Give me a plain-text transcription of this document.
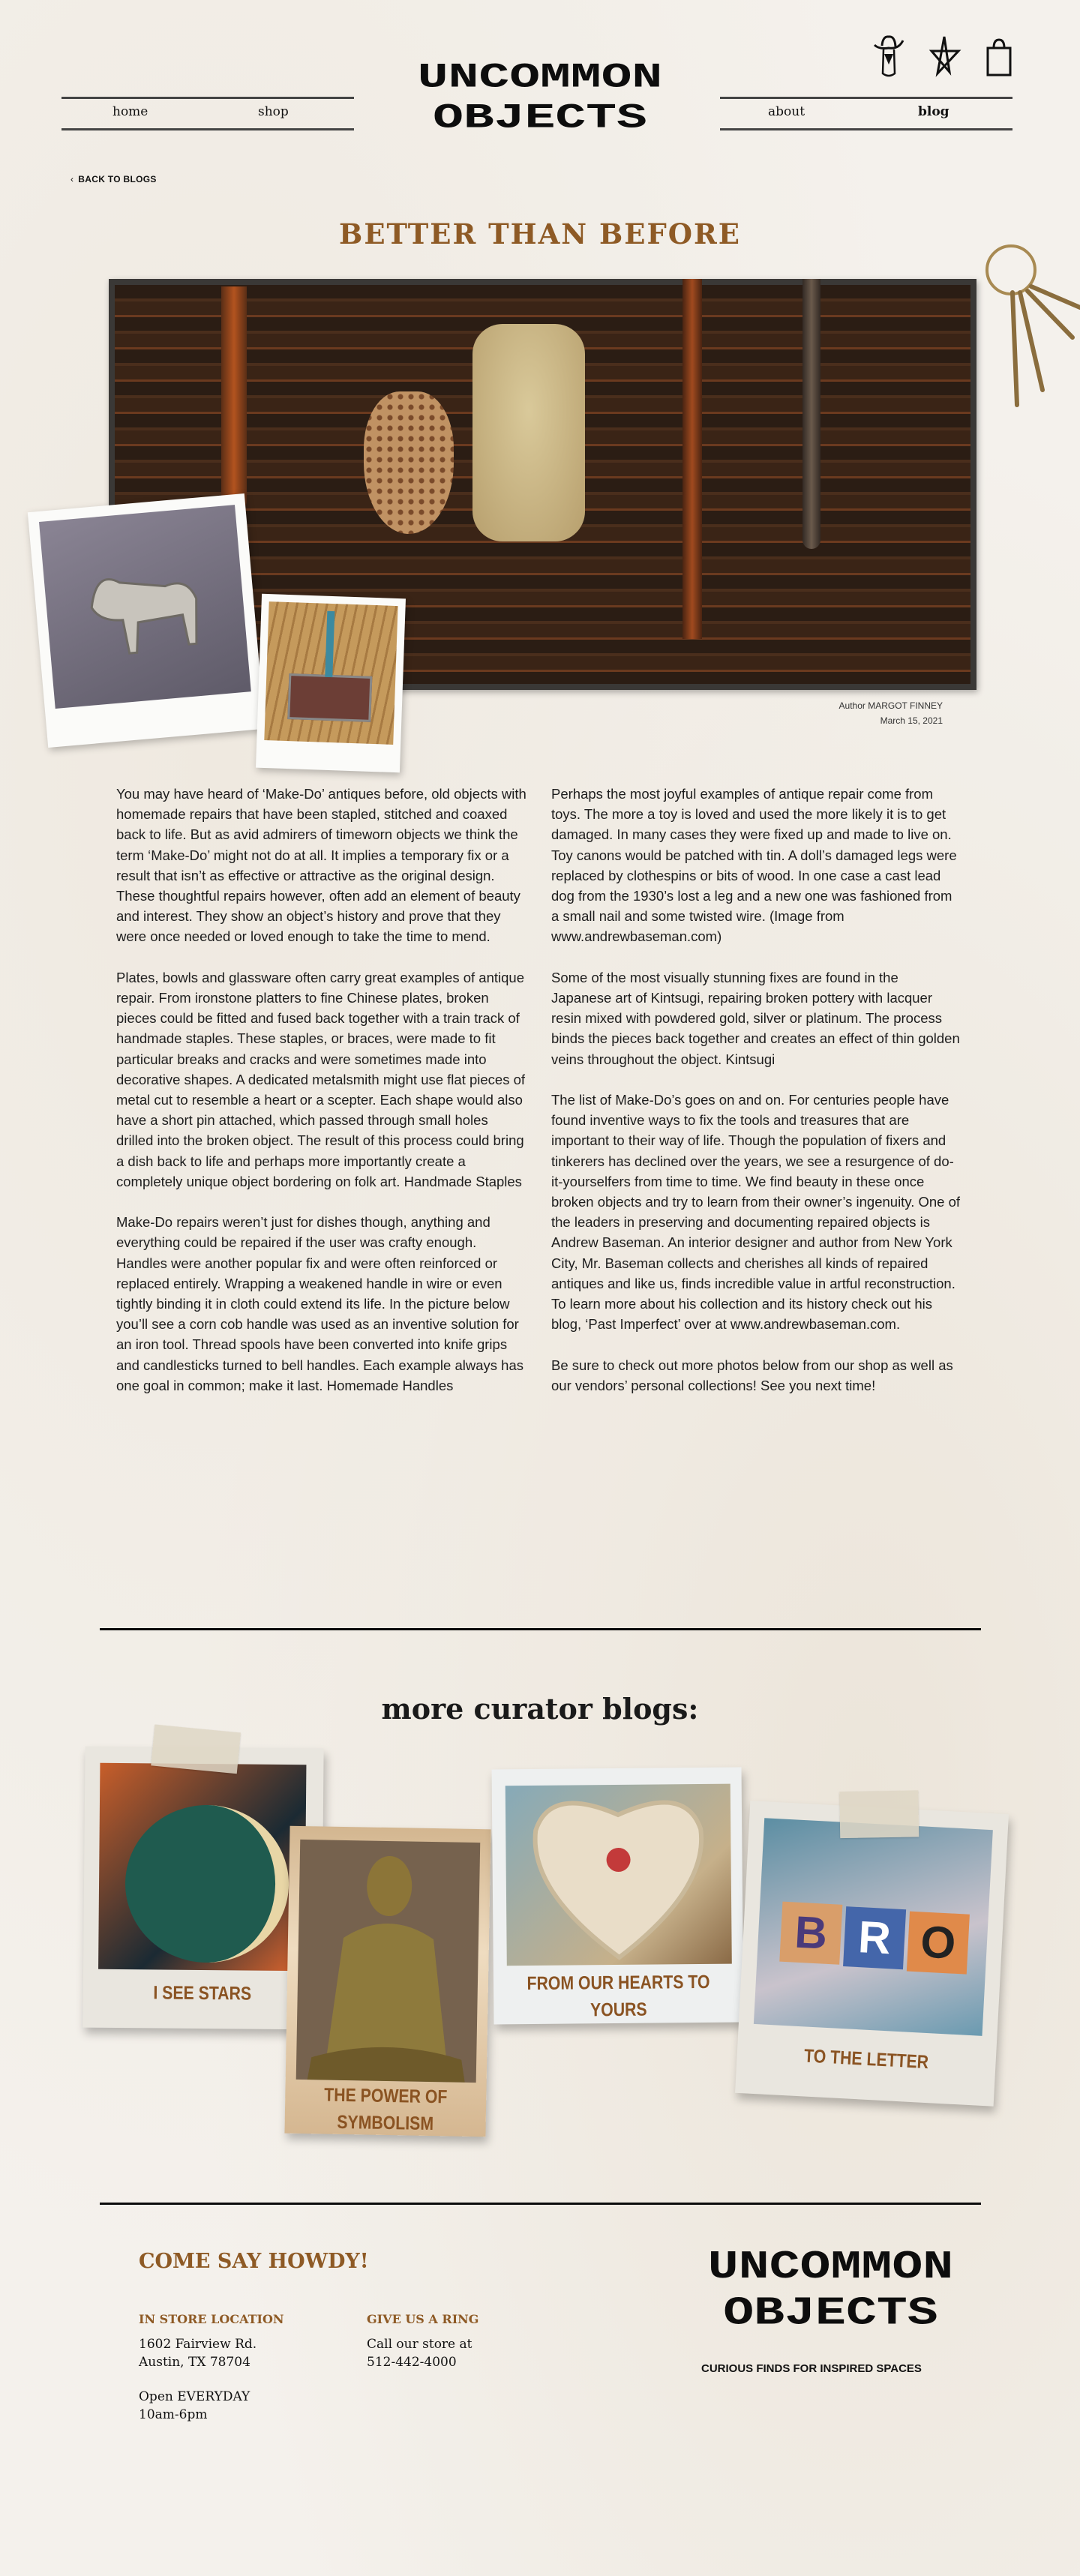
home	shop
UNCOMMON
OBJECTS	about	blog
‹ BACK TO BLOGS
BETTER THAN BEFORE
Author MARGOT FINNEY
March 15, 2021

You may have heard of ‘Make-Do’ antiques before, old objects with homemade repairs that have been stapled, stitched and coaxed back to life. But as avid admirers of timeworn objects we think the term ‘Make-Do’ might not do at all. It implies a temporary fix or a result that isn’t as effective or attractive as the original design. These thoughtful repairs however, often add an element of beauty and interest. They show an object’s history and prove that they were once needed or loved enough to take the time to mend.

Plates, bowls and glassware often carry great examples of antique repair. From ironstone platters to fine Chinese plates, broken pieces could be fitted and fused back together with a train track of handmade staples. These staples, or braces, were made to fit particular breaks and cracks and were sometimes made into decorative shapes. A dedicated metalsmith might use flat pieces of metal cut to resemble a heart or a scepter. Each shape would also have a short pin attached, which passed through small holes drilled into the broken object. The result of this process could bring a dish back to life and perhaps more importantly create a completely unique object bordering on folk art. Handmade Staples

Make-Do repairs weren’t just for dishes though, anything and everything could be repaired if the user was crafty enough. Handles were another popular fix and were often reinforced or replaced entirely. Wrapping a weakened handle in wire or even tightly binding it in cloth could extend its life. In the picture below you’ll see a corn cob handle was used as an inventive solution for an iron tool. Thread spools have been converted into knife grips and candlesticks turned to bell handles. Each example always has one goal in common; make it last. Homemade Handles

Perhaps the most joyful examples of antique repair come from toys. The more a toy is loved and used the more likely it is to get damaged. In many cases they were fixed up and made to live on. Toy canons would be patched with tin. A doll’s damaged legs were replaced by clothespins or bits of wood. In one case a cast lead dog from the 1930’s lost a leg and a new one was fashioned from a small nail and some twisted wire. (Image from www.andrewbaseman.com)

Some of the most visually stunning fixes are found in the Japanese art of Kintsugi, repairing broken pottery with lacquer resin mixed with powdered gold, silver or platinum. The process binds the pieces back together and creates an effect of thin golden veins throughout the object. Kintsugi

The list of Make-Do’s goes on and on. For centuries people have found inventive ways to fix the tools and treasures that are important to their way of life. Though the population of fixers and tinkerers has declined over the years, we see a resurgence of do-it-yourselfers from time to time. We find beauty in these once broken objects and try to learn from their owner’s ingenuity. One of the leaders in preserving and documenting repaired objects is Andrew Baseman. An interior designer and author from New York City, Mr. Baseman collects and cherishes all kinds of repaired antiques and like us, finds incredible value in artful reconstruction. To learn more about his collection and its history check out his blog, ‘Past Imperfect’ over at www.andrewbaseman.com.

Be sure to check out more photos below from our shop as well as our vendors’ personal collections! See you next time!

more curator blogs:
I SEE STARS
THE POWER OF SYMBOLISM
FROM OUR HEARTS TO YOURS
B R O
TO THE LETTER
COME SAY HOWDY!
IN STORE LOCATION
1602 Fairview Rd.
Austin, TX 78704
Open EVERYDAY
10am-6pm
GIVE US A RING
Call our store at
512-442-4000
UNCOMMON
OBJECTS
CURIOUS FINDS FOR INSPIRED SPACES
